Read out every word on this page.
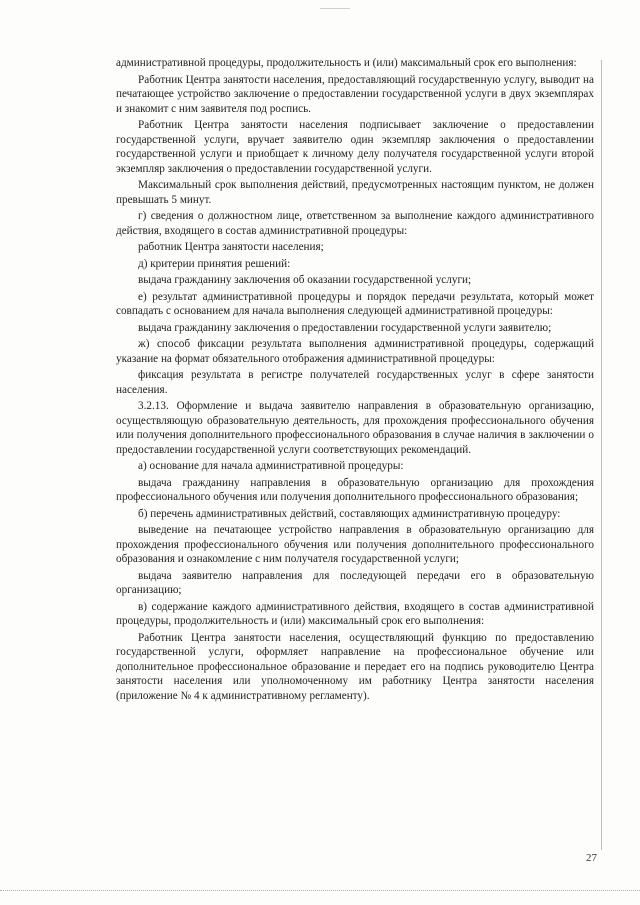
административной процедуры, продолжительность и (или) максимальный срок его выполнения:

Работник Центра занятости населения, предоставляющий государственную услугу, выводит на печатающее устройство заключение о предоставлении государственной услуги в двух экземплярах и знакомит с ним заявителя под роспись.

Работник Центра занятости населения подписывает заключение о предоставлении государственной услуги, вручает заявителю один экземпляр заключения о предоставлении государственной услуги и приобщает к личному делу получателя государственной услуги второй экземпляр заключения о предоставлении государственной услуги.

Максимальный срок выполнения действий, предусмотренных настоящим пунктом, не должен превышать 5 минут.

г) сведения о должностном лице, ответственном за выполнение каждого административного действия, входящего в состав административной процедуры:

работник Центра занятости населения;

д) критерии принятия решений:

выдача гражданину заключения об оказании государственной услуги;

е) результат административной процедуры и порядок передачи результата, который может совпадать с основанием для начала выполнения следующей административной процедуры:

выдача гражданину заключения о предоставлении государственной услуги заявителю;

ж) способ фиксации результата выполнения административной процедуры, содержащий указание на формат обязательного отображения административной процедуры:

фиксация результата в регистре получателей государственных услуг в сфере занятости населения.

3.2.13. Оформление и выдача заявителю направления в образовательную организацию, осуществляющую образовательную деятельность, для прохождения профессионального обучения или получения дополнительного профессионального образования в случае наличия в заключении о предоставлении государственной услуги соответствующих рекомендаций.

а) основание для начала административной процедуры:

выдача гражданину направления в образовательную организацию для прохождения профессионального обучения или получения дополнительного профессионального образования;

б) перечень административных действий, составляющих административную процедуру:

выведение на печатающее устройство направления в образовательную организацию для прохождения профессионального обучения или получения дополнительного профессионального образования и ознакомление с ним получателя государственной услуги;

выдача заявителю направления для последующей передачи его в образовательную организацию;

в) содержание каждого административного действия, входящего в состав административной процедуры, продолжительность и (или) максимальный срок его выполнения:

Работник Центра занятости населения, осуществляющий функцию по предоставлению государственной услуги, оформляет направление на профессиональное обучение или дополнительное профессиональное образование и передает его на подпись руководителю Центра занятости населения или уполномоченному им работнику Центра занятости населения (приложение № 4 к административному регламенту).

27
